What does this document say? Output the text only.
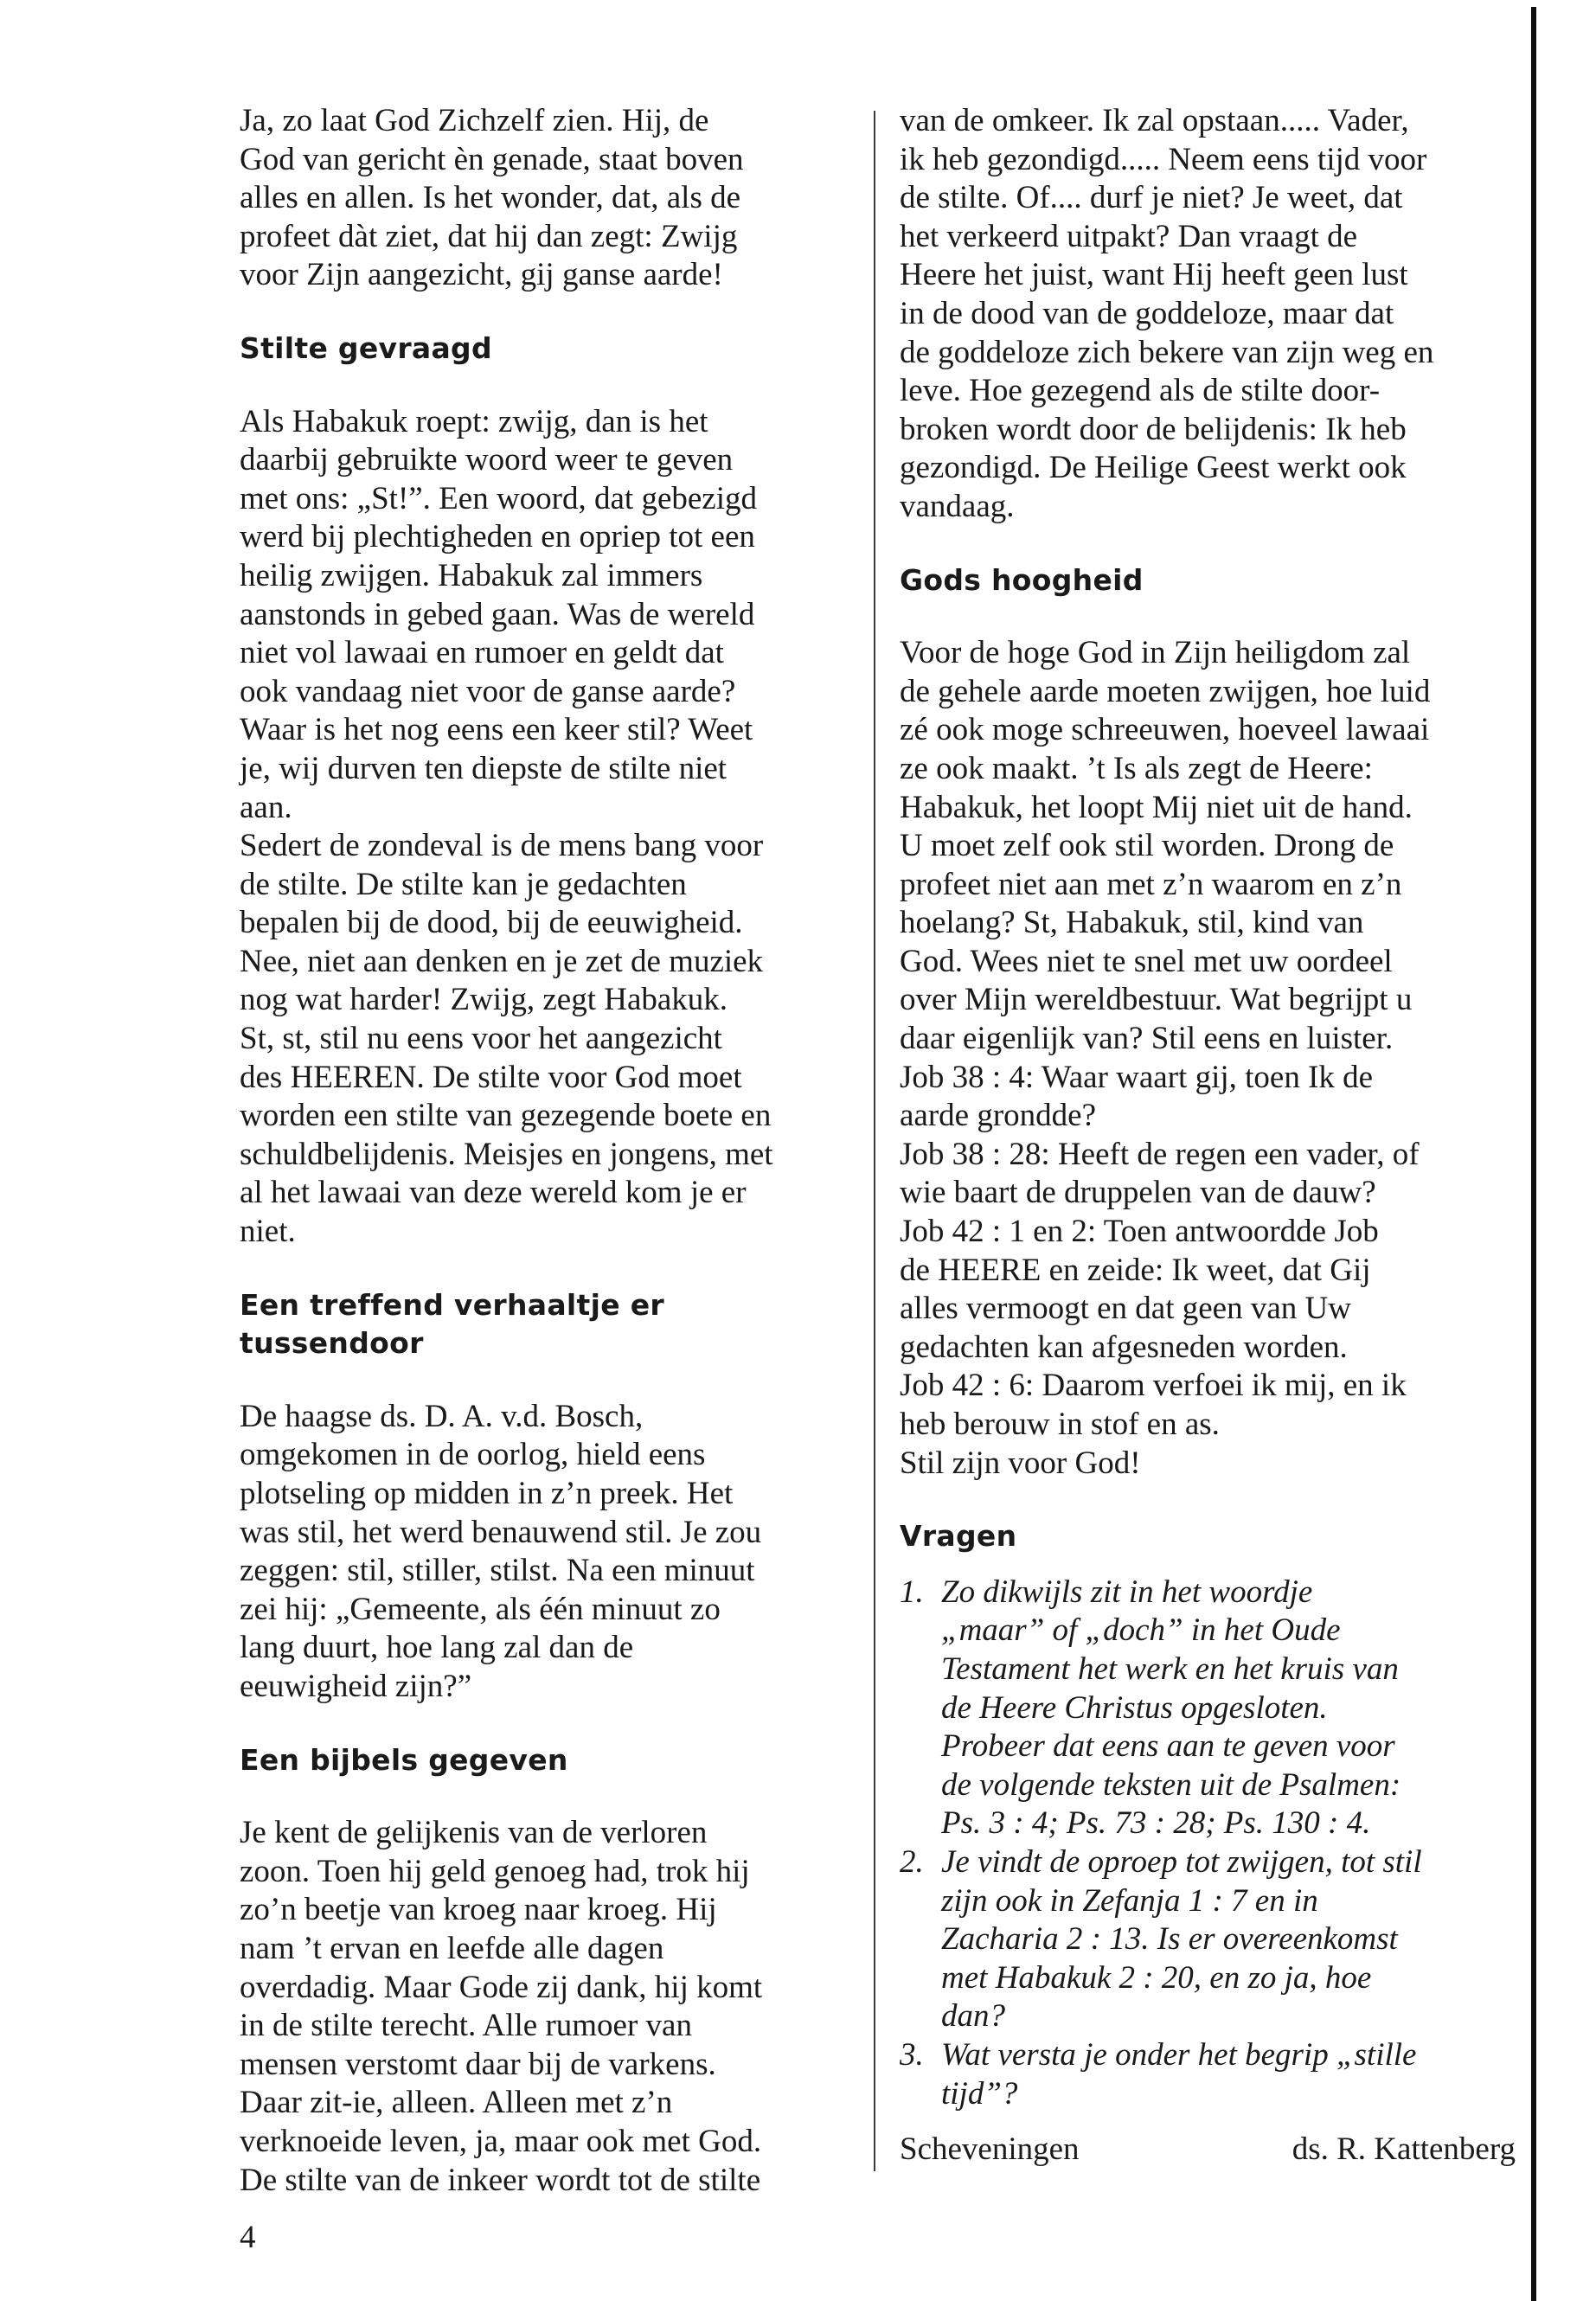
Ja, zo laat God Zichzelf zien. Hij, de
God van gericht èn genade, staat boven
alles en allen. Is het wonder, dat, als de
profeet dàt ziet, dat hij dan zegt: Zwijg
voor Zijn aangezicht, gij ganse aarde!

Stilte gevraagd

Als Habakuk roept: zwijg, dan is het
daarbij gebruikte woord weer te geven
met ons: „St!”. Een woord, dat gebezigd
werd bij plechtigheden en opriep tot een
heilig zwijgen. Habakuk zal immers
aanstonds in gebed gaan. Was de wereld
niet vol lawaai en rumoer en geldt dat
ook vandaag niet voor de ganse aarde?
Waar is het nog eens een keer stil? Weet
je, wij durven ten diepste de stilte niet
aan.
Sedert de zondeval is de mens bang voor
de stilte. De stilte kan je gedachten
bepalen bij de dood, bij de eeuwigheid.
Nee, niet aan denken en je zet de muziek
nog wat harder! Zwijg, zegt Habakuk.
St, st, stil nu eens voor het aangezicht
des HEEREN. De stilte voor God moet
worden een stilte van gezegende boete en
schuldbelijdenis. Meisjes en jongens, met
al het lawaai van deze wereld kom je er
niet.

Een treffend verhaaltje er tussendoor

De haagse ds. D. A. v.d. Bosch,
omgekomen in de oorlog, hield eens
plotseling op midden in z’n preek. Het
was stil, het werd benauwend stil. Je zou
zeggen: stil, stiller, stilst. Na een minuut
zei hij: „Gemeente, als één minuut zo
lang duurt, hoe lang zal dan de
eeuwigheid zijn?”

Een bijbels gegeven

Je kent de gelijkenis van de verloren
zoon. Toen hij geld genoeg had, trok hij
zo’n beetje van kroeg naar kroeg. Hij
nam ’t ervan en leefde alle dagen
overdadig. Maar Gode zij dank, hij komt
in de stilte terecht. Alle rumoer van
mensen verstomt daar bij de varkens.
Daar zit-ie, alleen. Alleen met z’n
verknoeide leven, ja, maar ook met God.
De stilte van de inkeer wordt tot de stilte

van de omkeer. Ik zal opstaan..... Vader,
ik heb gezondigd..... Neem eens tijd voor
de stilte. Of.... durf je niet? Je weet, dat
het verkeerd uitpakt? Dan vraagt de
Heere het juist, want Hij heeft geen lust
in de dood van de goddeloze, maar dat
de goddeloze zich bekere van zijn weg en
leve. Hoe gezegend als de stilte door-
broken wordt door de belijdenis: Ik heb
gezondigd. De Heilige Geest werkt ook
vandaag.

Gods hoogheid

Voor de hoge God in Zijn heiligdom zal
de gehele aarde moeten zwijgen, hoe luid
zé ook moge schreeuwen, hoeveel lawaai
ze ook maakt. ’t Is als zegt de Heere:
Habakuk, het loopt Mij niet uit de hand.
U moet zelf ook stil worden. Drong de
profeet niet aan met z’n waarom en z’n
hoelang? St, Habakuk, stil, kind van
God. Wees niet te snel met uw oordeel
over Mijn wereldbestuur. Wat begrijpt u
daar eigenlijk van? Stil eens en luister.
Job 38 : 4: Waar waart gij, toen Ik de
aarde grondde?
Job 38 : 28: Heeft de regen een vader, of
wie baart de druppelen van de dauw?
Job 42 : 1 en 2: Toen antwoordde Job
de HEERE en zeide: Ik weet, dat Gij
alles vermoogt en dat geen van Uw
gedachten kan afgesneden worden.
Job 42 : 6: Daarom verfoei ik mij, en ik
heb berouw in stof en as.
Stil zijn voor God!

Vragen

1. Zo dikwijls zit in het woordje
„maar” of „doch” in het Oude
Testament het werk en het kruis van
de Heere Christus opgesloten.
Probeer dat eens aan te geven voor
de volgende teksten uit de Psalmen:
Ps. 3 : 4; Ps. 73 : 28; Ps. 130 : 4.
2. Je vindt de oproep tot zwijgen, tot stil
zijn ook in Zefanja 1 : 7 en in
Zacharia 2 : 13. Is er overeenkomst
met Habakuk 2 : 20, en zo ja, hoe
dan?
3. Wat versta je onder het begrip „stille
tijd”?
Scheveningen	ds. R. Kattenberg
4
